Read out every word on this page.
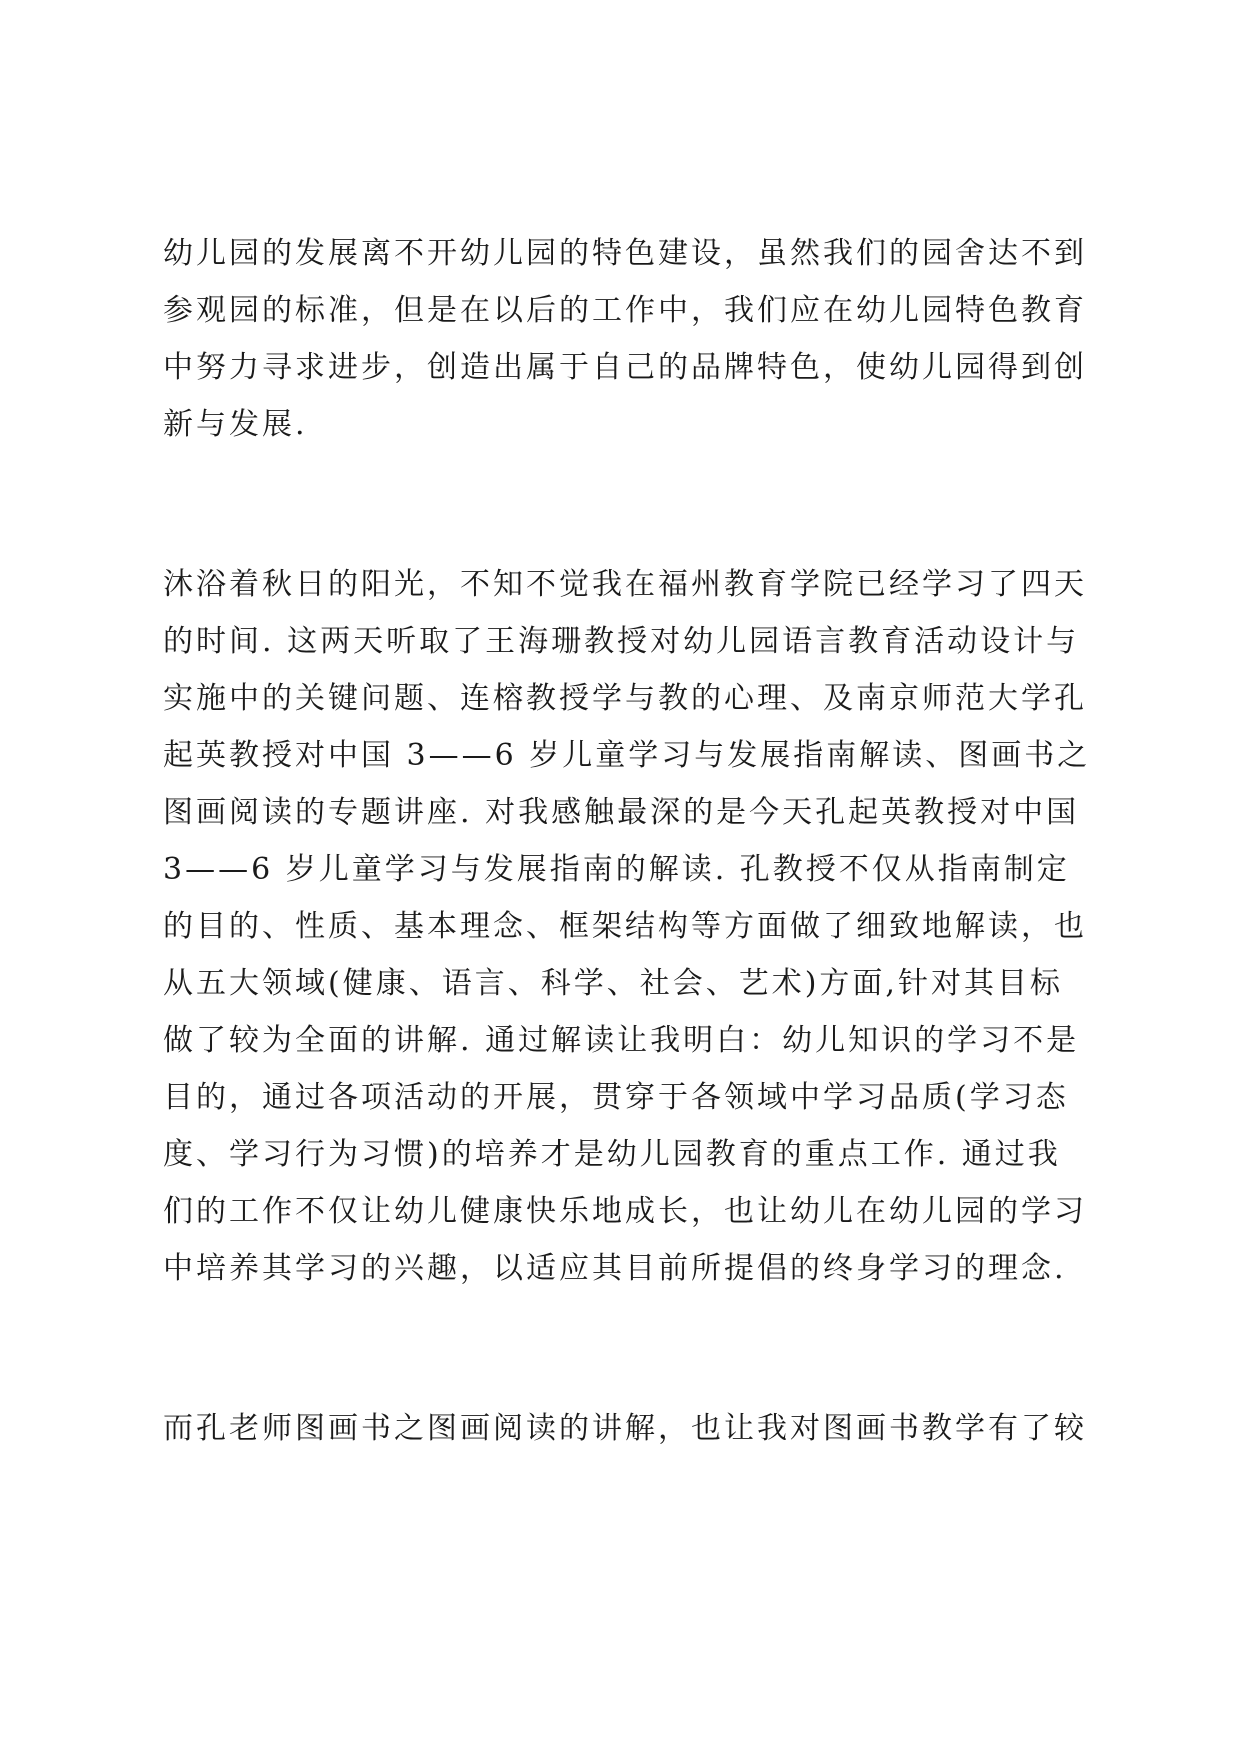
幼儿园的发展离不开幼儿园的特色建设，虽然我们的园舍达不到
参观园的标准，但是在以后的工作中，我们应在幼儿园特色教育
中努力寻求进步，创造出属于自己的品牌特色，使幼儿园得到创
新与发展.
沐浴着秋日的阳光，不知不觉我在福州教育学院已经学习了四天
的时间. 这两天听取了王海珊教授对幼儿园语言教育活动设计与
实施中的关键问题、连榕教授学与教的心理、及南京师范大学孔
起英教授对中国 3——6 岁儿童学习与发展指南解读、图画书之
图画阅读的专题讲座. 对我感触最深的是今天孔起英教授对中国
3——6 岁儿童学习与发展指南的解读. 孔教授不仅从指南制定
的目的、性质、基本理念、框架结构等方面做了细致地解读，也
从五大领域(健康、语言、科学、社会、艺术)方面,针对其目标
做了较为全面的讲解. 通过解读让我明白：幼儿知识的学习不是
目的，通过各项活动的开展，贯穿于各领域中学习品质(学习态
度、学习行为习惯)的培养才是幼儿园教育的重点工作. 通过我
们的工作不仅让幼儿健康快乐地成长，也让幼儿在幼儿园的学习
中培养其学习的兴趣，以适应其目前所提倡的终身学习的理念.
而孔老师图画书之图画阅读的讲解，也让我对图画书教学有了较
